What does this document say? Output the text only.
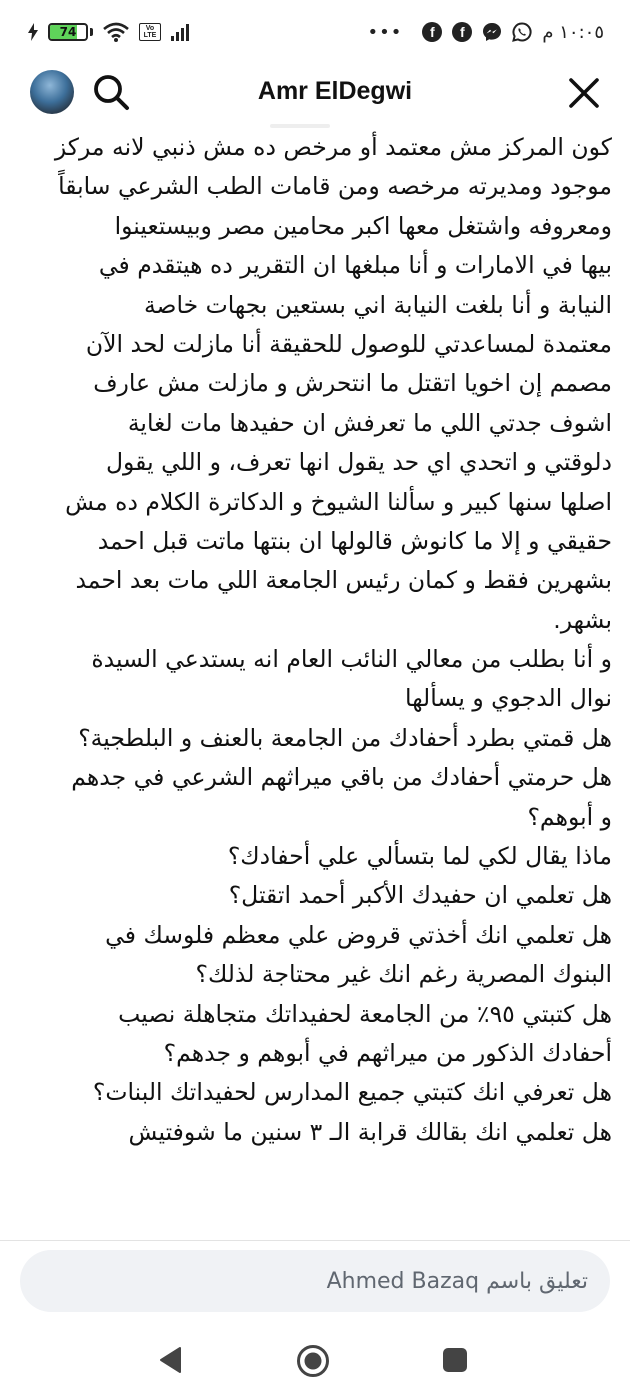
74	Vo LTE	•••	f	f	١٠:٠٥ م
Amr ElDegwi
كون المركز مش معتمد أو مرخص ده مش ذنبي لانه مركز
موجود ومديرته مرخصه ومن قامات الطب الشرعي سابقاً
ومعروفه واشتغل معها اكبر محامين مصر وبيستعينوا
بيها في الامارات و أنا مبلغها ان التقرير ده هيتقدم في
النيابة و أنا بلغت النيابة اني بستعين بجهات خاصة
معتمدة لمساعدتي للوصول للحقيقة أنا مازلت لحد الآن
مصمم إن اخويا اتقتل ما انتحرش و مازلت مش عارف
اشوف جدتي اللي ما تعرفش ان حفيدها مات لغاية
دلوقتي و اتحدي اي حد يقول انها تعرف، و اللي يقول
اصلها سنها كبير و سألنا الشيوخ و الدكاترة الكلام ده مش
حقيقي و إلا ما كانوش قالولها ان بنتها ماتت قبل احمد
بشهرين فقط و كمان رئيس الجامعة اللي مات بعد احمد
بشهر.
و أنا بطلب من معالي النائب العام انه يستدعي السيدة
نوال الدجوي و يسألها
هل قمتي بطرد أحفادك من الجامعة بالعنف و البلطجية؟
هل حرمتي أحفادك من باقي ميراثهم الشرعي في جدهم
و أبوهم؟
ماذا يقال لكي لما بتسألي علي أحفادك؟
هل تعلمي ان حفيدك الأكبر أحمد اتقتل؟
هل تعلمي انك أخذتي قروض علي معظم فلوسك في
البنوك المصرية رغم انك غير محتاجة لذلك؟
هل كتبتي ٩٥٪ من الجامعة لحفيداتك متجاهلة نصيب
أحفادك الذكور من ميراثهم في أبوهم و جدهم؟
هل تعرفي انك كتبتي جميع المدارس لحفيداتك البنات؟
هل تعلمي انك بقالك قرابة الـ ٣ سنين ما شوفتيش
تعليق باسم Ahmed Bazaq
